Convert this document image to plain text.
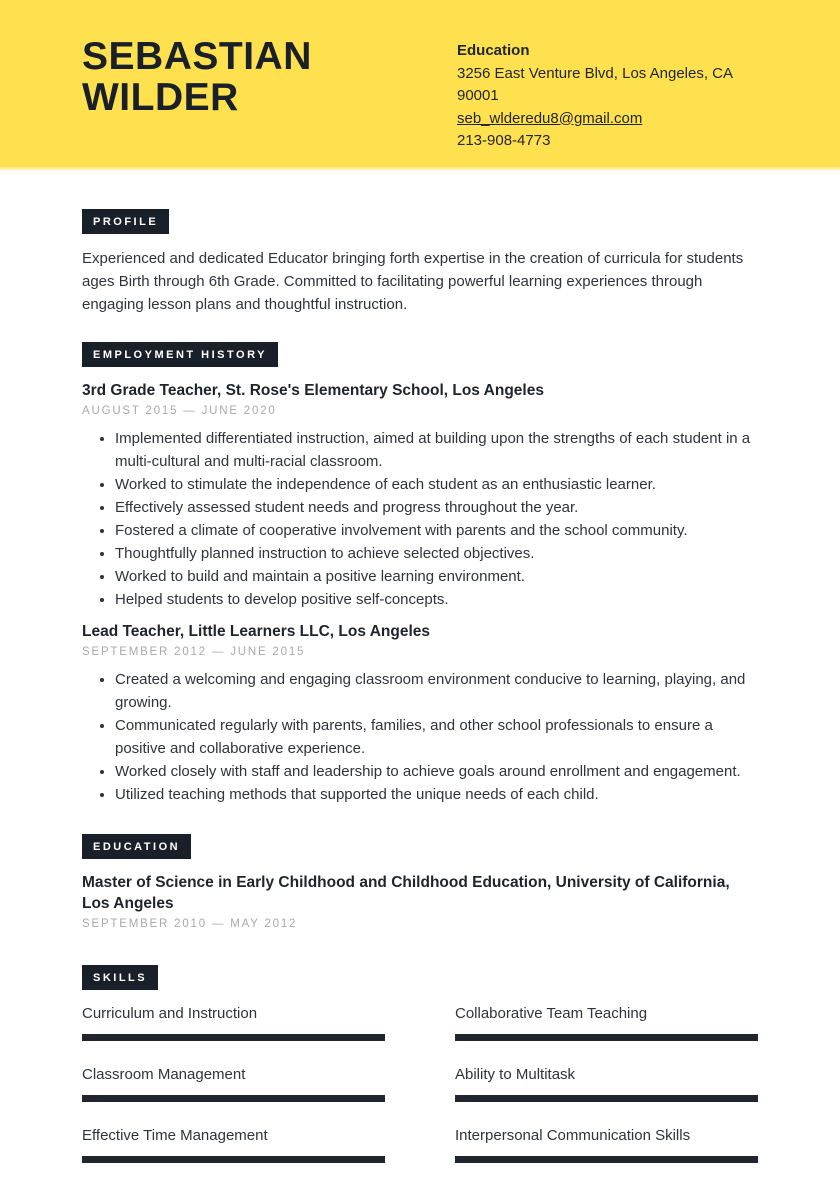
SEBASTIAN
WILDER
Education
3256 East Venture Blvd, Los Angeles, CA 90001
seb_wlderedu8@gmail.com
213-908-4773
PROFILE
Experienced and dedicated Educator bringing forth expertise in the creation of curricula for students ages Birth through 6th Grade. Committed to facilitating powerful learning experiences through engaging lesson plans and thoughtful instruction.
EMPLOYMENT HISTORY
3rd Grade Teacher, St. Rose's Elementary School, Los Angeles
AUGUST 2015 — JUNE 2020
• Implemented differentiated instruction, aimed at building upon the strengths of each student in a multi-cultural and multi-racial classroom.
• Worked to stimulate the independence of each student as an enthusiastic learner.
• Effectively assessed student needs and progress throughout the year.
• Fostered a climate of cooperative involvement with parents and the school community.
• Thoughtfully planned instruction to achieve selected objectives.
• Worked to build and maintain a positive learning environment.
• Helped students to develop positive self-concepts.
Lead Teacher, Little Learners LLC, Los Angeles
SEPTEMBER 2012 — JUNE 2015
• Created a welcoming and engaging classroom environment conducive to learning, playing, and growing.
• Communicated regularly with parents, families, and other school professionals to ensure a positive and collaborative experience.
• Worked closely with staff and leadership to achieve goals around enrollment and engagement.
• Utilized teaching methods that supported the unique needs of each child.
EDUCATION
Master of Science in Early Childhood and Childhood Education, University of California, Los Angeles
SEPTEMBER 2010 — MAY 2012
SKILLS
Curriculum and Instruction
Classroom Management
Effective Time Management
Collaborative Team Teaching
Ability to Multitask
Interpersonal Communication Skills
